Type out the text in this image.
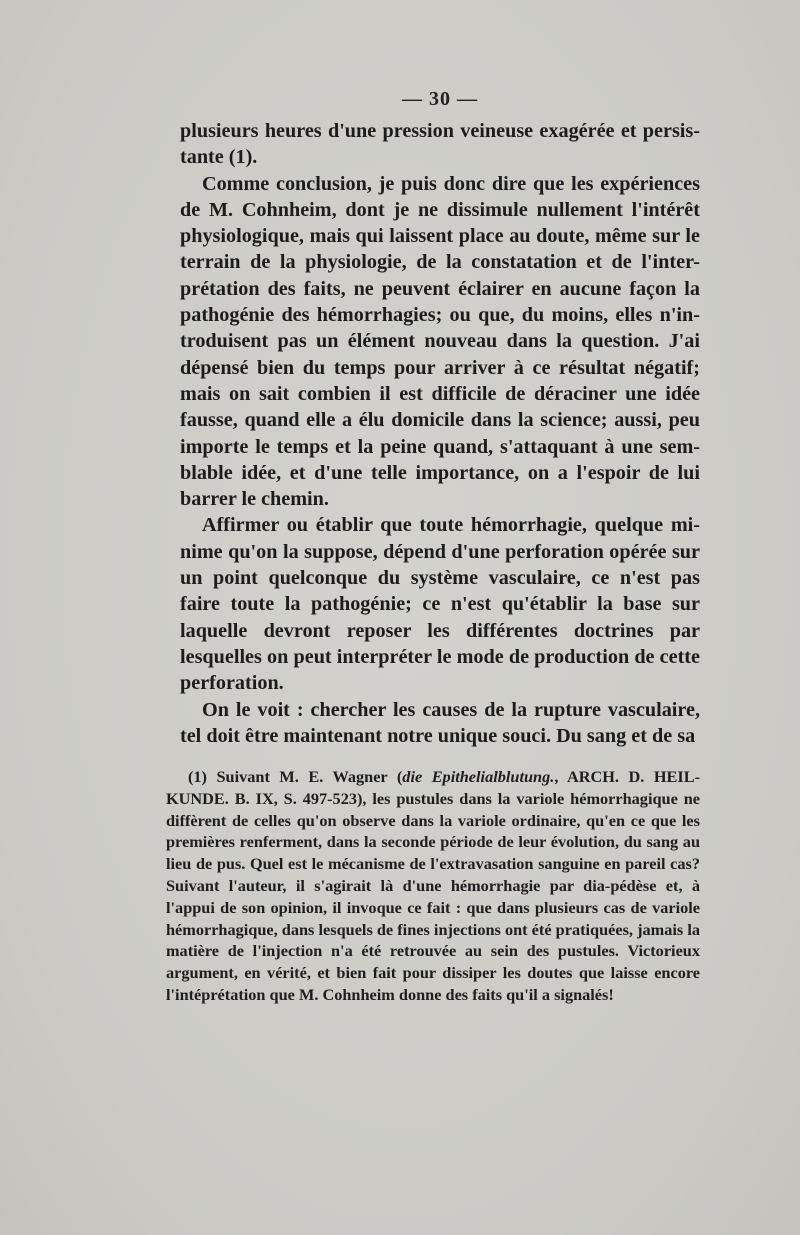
— 30 —

plusieurs heures d'une pression veineuse exagérée et persis-tante (1).

Comme conclusion, je puis donc dire que les expériences de M. Cohnheim, dont je ne dissimule nullement l'intérêt physiologique, mais qui laissent place au doute, même sur le terrain de la physiologie, de la constatation et de l'inter-prétation des faits, ne peuvent éclairer en aucune façon la pathogénie des hémorrhagies; ou que, du moins, elles n'in-troduisent pas un élément nouveau dans la question. J'ai dépensé bien du temps pour arriver à ce résultat négatif; mais on sait combien il est difficile de déraciner une idée fausse, quand elle a élu domicile dans la science; aussi, peu importe le temps et la peine quand, s'attaquant à une sem-blable idée, et d'une telle importance, on a l'espoir de lui barrer le chemin.

Affirmer ou établir que toute hémorrhagie, quelque mi-nime qu'on la suppose, dépend d'une perforation opérée sur un point quelconque du système vasculaire, ce n'est pas faire toute la pathogénie; ce n'est qu'établir la base sur laquelle devront reposer les différentes doctrines par lesquelles on peut interpréter le mode de production de cette perforation.

On le voit : chercher les causes de la rupture vasculaire, tel doit être maintenant notre unique souci. Du sang et de sa

(1) Suivant M. E. Wagner (die Epithelialblutung., ARCH. D. HEIL-KUNDE. B. IX, S. 497-523), les pustules dans la variole hémorrhagique ne diffèrent de celles qu'on observe dans la variole ordinaire, qu'en ce que les premières renferment, dans la seconde période de leur évolution, du sang au lieu de pus. Quel est le mécanisme de l'extravasation sanguine en pareil cas? Suivant l'auteur, il s'agirait là d'une hémorrhagie par dia-pédèse et, à l'appui de son opinion, il invoque ce fait : que dans plusieurs cas de variole hémorrhagique, dans lesquels de fines injections ont été pratiquées, jamais la matière de l'injection n'a été retrouvée au sein des pustules. Victorieux argument, en vérité, et bien fait pour dissiper les doutes que laisse encore l'intéprétation que M. Cohnheim donne des faits qu'il a signalés!
